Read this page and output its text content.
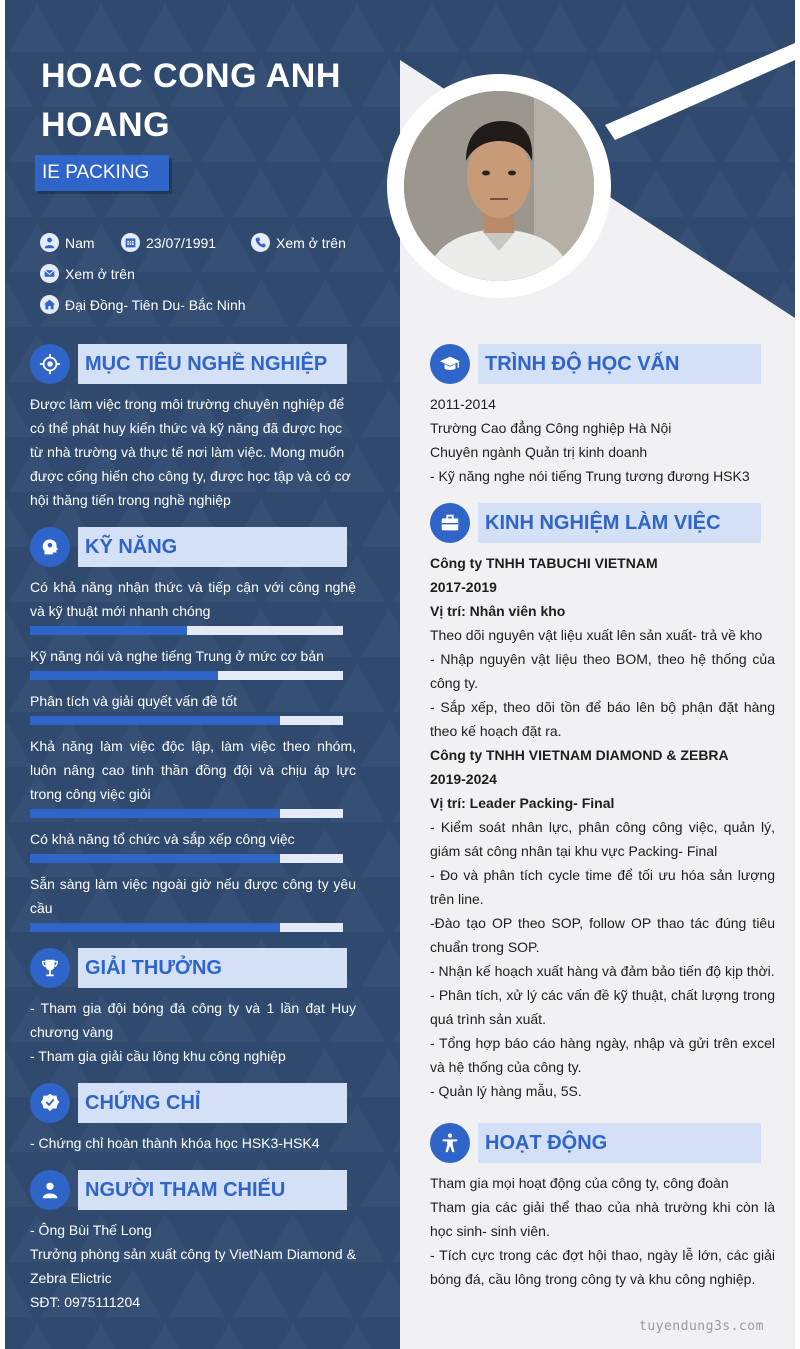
HOAC CONG ANH HOANG
IE PACKING
Nam	23/07/1991	Xem ở trên
Xem ở trên
Đại Đồng- Tiên Du- Bắc Ninh
MỤC TIÊU NGHỀ NGHIỆP
Được làm việc trong môi trường chuyên nghiệp để có thể phát huy kiến thức và kỹ năng đã được học từ nhà trường và thực tế nơi làm việc. Mong muốn được cống hiến cho công ty, được học tập và có cơ hội thăng tiến trong nghề nghiệp
KỸ NĂNG
Có khả năng nhận thức và tiếp cận với công nghệ và kỹ thuật mới nhanh chóng
Kỹ năng nói và nghe tiếng Trung ở mức cơ bản
Phân tích và giải quyết vấn đề tốt
Khả năng làm việc độc lập, làm việc theo nhóm, luôn nâng cao tinh thần đồng đội và chịu áp lực trong công việc giỏi
Có khả năng tổ chức và sắp xếp công việc
Sẵn sàng làm việc ngoài giờ nếu được công ty yêu cầu
GIẢI THƯỞNG

- Tham gia đội bóng đá công ty và 1 lần đạt Huy chương vàng

- Tham gia giải cầu lông khu công nghiệp

CHỨNG CHỈ

- Chứng chỉ hoàn thành khóa học HSK3-HSK4

NGƯỜI THAM CHIẾU

- Ông Bùi Thế Long

Trưởng phòng sản xuất công ty VietNam Diamond & Zebra Elictric

SĐT: 0975111204

TRÌNH ĐỘ HỌC VẤN

2011-2014

Trường Cao đẳng Công nghiệp Hà Nội

Chuyên ngành Quản trị kinh doanh

- Kỹ năng nghe nói tiếng Trung tương đương HSK3

KINH NGHIỆM LÀM VIỆC

Công ty TNHH TABUCHI VIETNAM

2017-2019

Vị trí: Nhân viên kho

Theo dõi nguyên vật liệu xuất lên sản xuất- trả về kho

- Nhập nguyên vật liệu theo BOM, theo hệ thống của công ty.

- Sắp xếp, theo dõi tồn để báo lên bộ phận đặt hàng theo kế hoạch đặt ra.

Công ty TNHH VIETNAM DIAMOND & ZEBRA

2019-2024

Vị trí: Leader Packing- Final

- Kiểm soát nhân lực, phân công công việc, quản lý, giám sát công nhân tại khu vực Packing- Final

- Đo và phân tích cycle time để tối ưu hóa sản lượng trên line.

-Đào tạo OP theo SOP, follow OP thao tác đúng tiêu chuẩn trong SOP.

- Nhận kế hoạch xuất hàng và đảm bảo tiến độ kịp thời.

- Phân tích, xử lý các vấn đề kỹ thuật, chất lượng trong quá trình sản xuất.

- Tổng hợp báo cáo hàng ngày, nhập và gửi trên excel và hệ thống của công ty.

- Quản lý hàng mẫu, 5S.

HOẠT ĐỘNG

Tham gia mọi hoạt động của công ty, công đoàn

Tham gia các giải thể thao của nhà trường khi còn là học sinh- sinh viên.

- Tích cực trong các đợt hội thao, ngày lễ lớn, các giải bóng đá, cầu lông trong công ty và khu công nghiệp.

tuyendung3s.com
